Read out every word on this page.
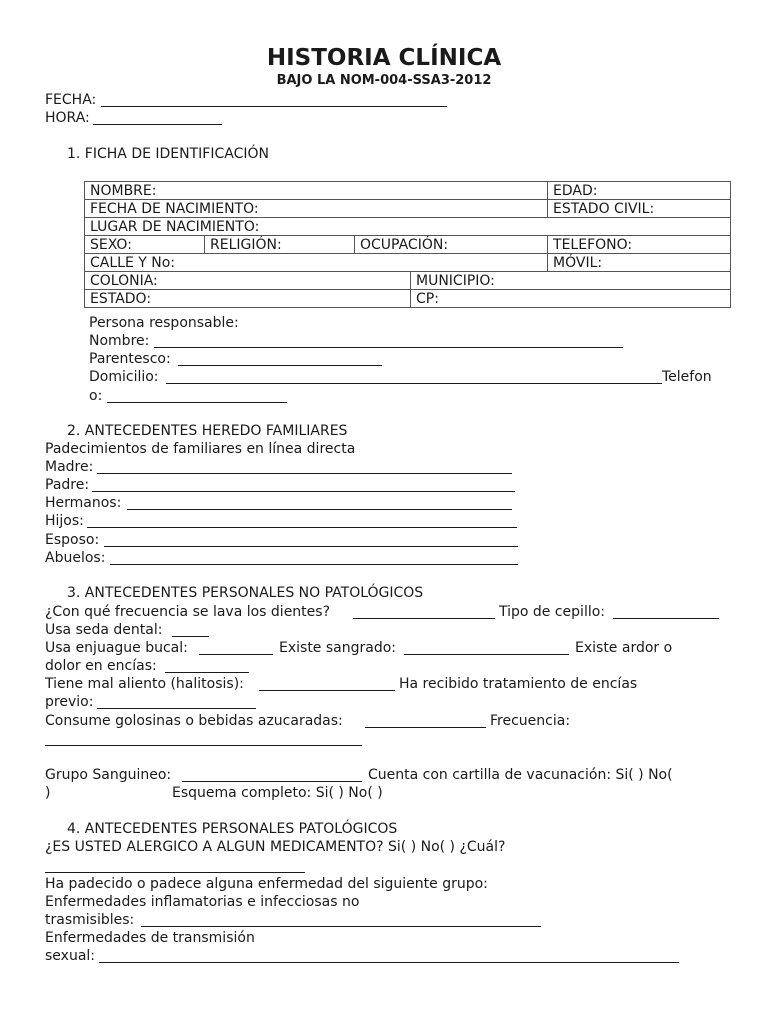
HISTORIA CLÍNICA
BAJO LA NOM-004-SSA3-2012
FECHA:
HORA:
1. FICHA DE IDENTIFICACIÓN
NOMBRE:				EDAD:
FECHA DE NACIMIENTO:				ESTADO CIVIL:
LUGAR DE NACIMIENTO:				
SEXO:	RELIGIÓN:	OCUPACIÓN:		TELEFONO:
CALLE Y No:				MÓVIL:
COLONIA:			MUNICIPIO:	
ESTADO:			CP:	
Persona responsable:
Nombre:
Parentesco:
Domicilio:	Telefon
o:
2. ANTECEDENTES HEREDO FAMILIARES
Padecimientos de familiares en línea directa
Madre:
Padre:
Hermanos:
Hijos:
Esposo:
Abuelos:
3. ANTECEDENTES PERSONALES NO PATOLÓGICOS
¿Con qué frecuencia se lava los dientes?	Tipo de cepillo:
Usa seda dental:
Usa enjuague bucal:	Existe sangrado:	Existe ardor o
dolor en encías:
Tiene mal aliento (halitosis):	Ha recibido tratamiento de encías
previo:
Consume golosinas o bebidas azucaradas:	Frecuencia:
Grupo Sanguineo:	Cuenta con cartilla de vacunación: Si( ) No(
)	Esquema completo: Si( ) No( )
4. ANTECEDENTES PERSONALES PATOLÓGICOS
¿ES USTED ALERGICO A ALGUN MEDICAMENTO? Si( ) No( ) ¿Cuál?
Ha padecido o padece alguna enfermedad del siguiente grupo:
Enfermedades inflamatorias e infecciosas no
trasmisibles:
Enfermedades de transmisión
sexual:
